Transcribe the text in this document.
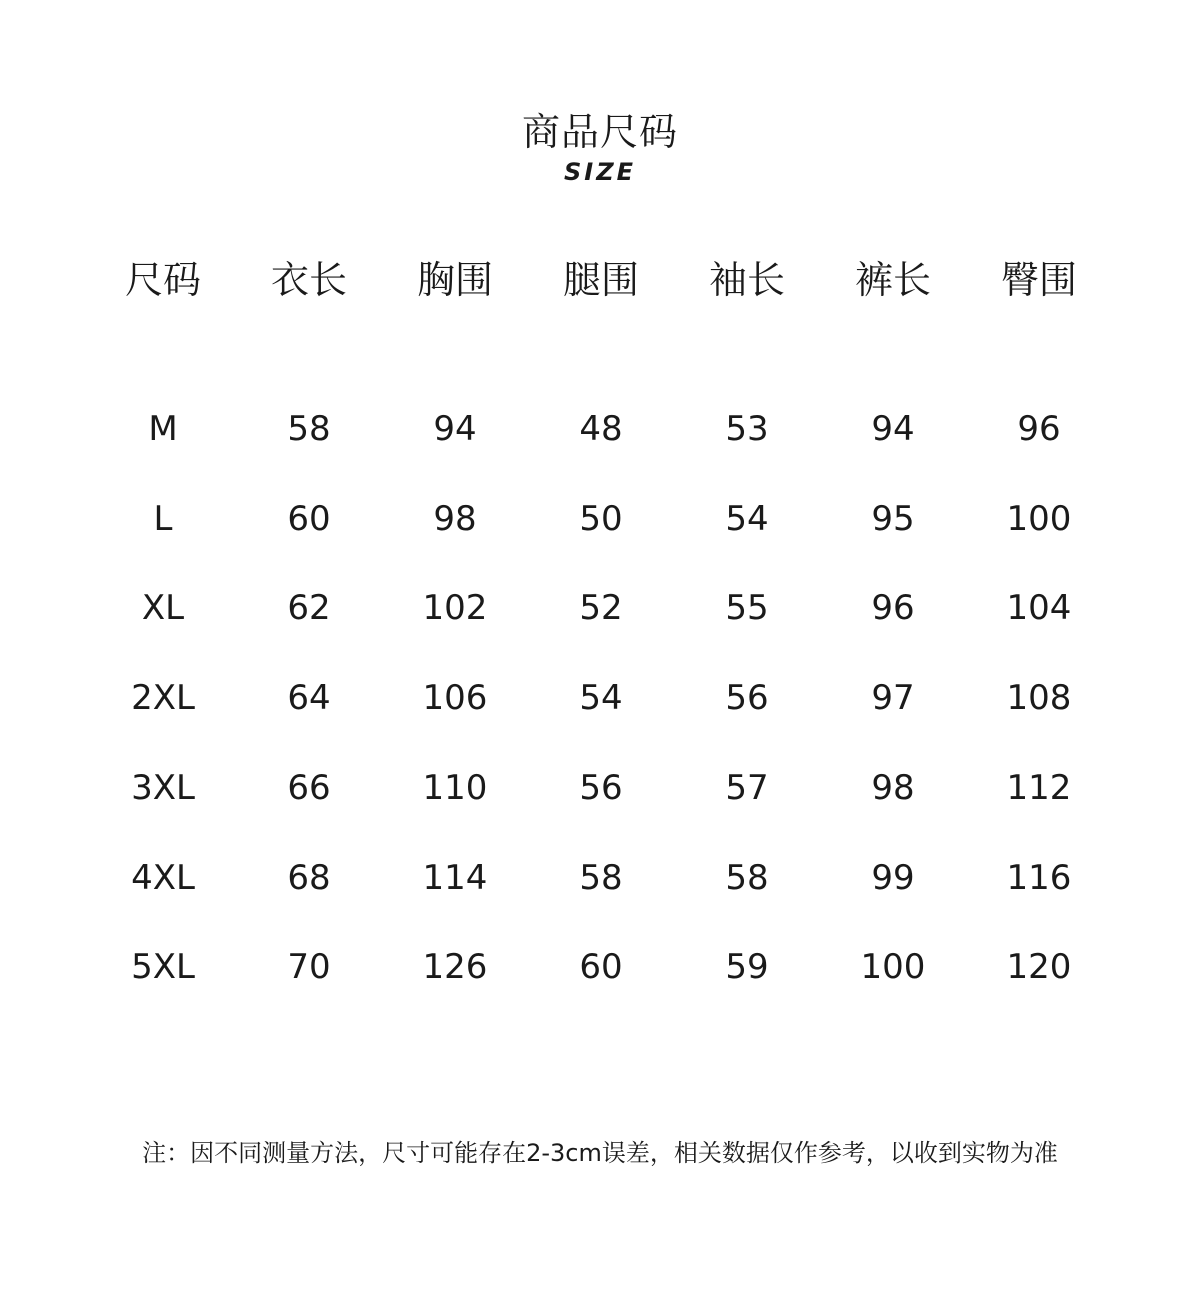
商品尺码
SIZE
尺码	衣长	胸围	腿围	袖长	裤长	臀围
M	58	94	48	53	94	96
L	60	98	50	54	95	100
XL	62	102	52	55	96	104
2XL	64	106	54	56	97	108
3XL	66	110	56	57	98	112
4XL	68	114	58	58	99	116
5XL	70	126	60	59	100	120
注：因不同测量方法，尺寸可能存在2-3cm误差，相关数据仅作参考，以收到实物为准
